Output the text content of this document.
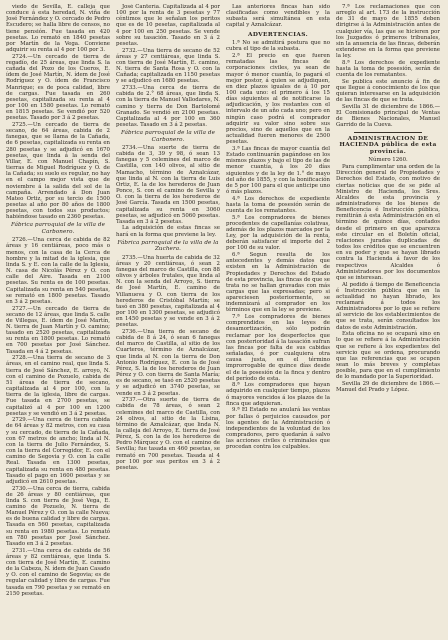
viedo de Sevilla, E. calleja que conduce á esta heredad, N. viña de José Fernández y O. cercado de Pedro Escudero; se halla libre de censos, no tiene pensión. Fue tasada en 420 pesetas. Lo remató en 1840 pesetas por Martín de la Vega. Conviene adquirir su renta al 4 por 100 por 3.

2724.—Un cercado de tierra de regadío, de 25 áreas, que linda S. la cañada del Pozo de los Cueros, E. ídem de José Martín, N. ídem de José Rodríguez y O. ídem de Francisco Manrique; es de poca calidad, libre de cargas. Fue tasada en 260 pesetas, capitalizada su renta al 4 por 100 en 1580 pesetas. Lo remató en 1815 pesetas. Se vendió por 520 pesetas. Tasado por 3 á 2 pesetas.

2725.—Un cercado de tierra de secano, de 64 áreas, cabida de 2 fanegas, que se llama de la Cañada, de 6 pesetas, capitalizada su renta en 280 pesetas y se adjudicó en 1670 pesetas, que linda á la senda del Villar, E. con Manuel Chapín, S. tierras de Miguel Rodríguez y O. de la Cañada; su suelo es regular, no hay en el campo mejor vista que de noviembre á la salida del sol de la campaña. Arrendado á Don Juan Mateo Ortiz, por su tercio de 1500 pesetas al año por 80 años de 1800 pesetas, con todos sus productos; habiéndose tasado en 2360 pesetas.

Fábrica parroquial de la villa de Carbonero.

2726.—Una cerca de cabida de 82 áreas y 16 centiáreas, poco más o menos, con la casa de la Cerca de hombre y la mitad de la iglesia, que linda S. y E. con la calle de la Iglesia, N. casa de Nicolás Pérez y O. con calle del Aire. Tasada en 2100 pesetas. Su renta es de 100 pesetas. Capitalizada su renta en 540 pesetas, se remató en 1800 pesetas. Tasado en 3 á 2 pesetas.

2727.—Un cercado de tierra de secano de 12 áreas, que linda S. calle de Villegas, E. ídem de José Martín, N. tierra de Juan Martín y O. camino; tasado en 2520 pesetas, capitalizada su renta en 1800 pesetas. Lo remató en 700 pesetas por José Sánchez. Tasada en 4 á 2 pesetas.

2728.—Una tierra de secano de 3 áreas, en el camino real, que linda S. tierra de José Sánchez, E. arroyo, N. con el camino de Pozuelo, cabida de 51 áreas de tierra de secano, capitalizada al 4 por 100, con la tierra de la iglesia, libre de cargas. Fue tasada en 2700 pesetas, se capitalizó al 4 por 100 en 1200 pesetas y se vendió en 3 á 2 pesetas.

2729.—Una cerca de tierra cabida de 64 áreas y 82 metros, con su casa y su cercado, de tierra de la Cañada, con 67 metros de ancho; linda al N. con la tierra de Julio Fernández, S. con la tierra del Corregidor, E. con el camino de Segovia y O. con la calle Real. Tasada en 1300 pesetas, capitalizada su renta en 480 pesetas. Tasado el pago en 1600 pesetas y se adjudicó en 2610 pesetas.

2730.—Una cerca de tierra, cabida de 26 áreas y 80 centiáreas, que linda S. con tierra de José Vega, E. camino de Pozuelo, N. tierra de Manuel Pérez y O. con la calle Nueva; es de buena calidad y libre de cargas. Tasada en 560 pesetas, capitalizada su renta en 1980 pesetas. Lo remató en 780 pesetas por José Sánchez. Tasado en 3 á 2 pesetas.

2731.—Una cerca de cabida de 56 áreas y 82 centiáreas, que linda S. con tierra de José Martín, E. camino de la Cabeza, N. ídem de Juan Casado y O. con el camino de Segovia; es de regular calidad y libre de cargas. Fue tasada en 790 pesetas y se remató en 2150 pesetas.

José Cantería. Capitalizada al 4 por 100 por la renta de 3 pesetas y 77 céntimos que le señalan los peritos que es de 10 pesetas, capitalizada al 4 por 100 en 250 pesetas. Se vende sobre su tasación. Tasado en 3 á 2 pesetas.

2732.—Una tierra de secano de 52 áreas y 27 centiáreas, que linda S. con tierra de José Martín, E. camino, N. tierra de Santa Rosa y O. con la Cañada; capitalizada en 1150 pesetas y se adjudicó en 1680 pesetas.

2733.—Una cerca de tierra de cabida de 2.° 68 áreas, que linda S. con la tierra de Manuel Vallodares, N. camino y tierra de Don Bartolomé Granado. Se vendió en 2100 pesetas. Capitalizada al 4 por 100 en 360 pesetas. Tasado en 3 á 2 pesetas.

Fábrica parroquial de la villa de Carbonero.

2734.—Una suerte de tierra de cabida de 3, 39 y 98, ó sean 13 fanegas y 5 celemines del marco de Castilla, con 140 olivos, al sitio de Mamacho, término de Aznalcázar, que linda al N. con la tierra de Luis Ortiz, E. la de los herederos de Juan Ponce, S. con el camino de Sevilla y O. con la tierra de los herederos de José García. Tasada en 1500 pesetas, capitalizada su renta en 3060 pesetas, se adjudicó en 5060 pesetas. Tasada en 3 á 2 pesetas.

La adquisición de estas fincas se hará en la forma que previene la ley.

Fábrica parroquial de la villa de la Zuchera.

2735.—Una huerta de cabida de 32 áreas y 20 centiáreas, ó sean 2 fanegas del marco de Castilla, con 88 olivos y árboles frutales, que linda al N. con la senda del Arroyo, S. tierra de José Martín, E. camino de Villanueva y O. con tierra de los herederos de Cristóbal Martín; se tasó en 380 pesetas, capitalizada al 4 por 100 en 1300 pesetas, se adjudicó en 1450 pesetas y se vende en 3 á 2 pesetas.

2736.—Una tierra de secano de cabida de 8 á 24, ó sean 6 fanegas del marco de Castilla, al sitio de los Cuarteros, término de Aznalcázar, que linda al N. con la tierra de Don Antonio Rodríguez, E. con la de José Pérez, S. la de los herederos de Juan Pérez y O. con tierra de Santa María; es de secano, se tasó en 2520 pesetas y se adjudicó en 3740 pesetas, se vende en 3 á 2 pesetas.

2737.—Otra suerte de tierra de cabida de 78 áreas, ó sean 2 celemines del marco de Castilla, con 24 olivos, al sitio de la Lísina, término de Aznalcázar, que linda N. la calleja del Arroyo, E. tierra de José Pérez, S. con la de los herederos de Pedro Márquez y O. con el camino de Sevilla; fue tasada en 460 pesetas, se remató en 700 pesetas. Tasada al 4 por 100 por sus peritos en 3 á 2 pesetas.

Las anteriores fincas han sido clasificadas como vendibles y la subasta será simultánea en esta capital y Aznalcázar.

ADVERTENCIAS.

1.ª No se admitirá postura que no cubra el tipo de la subasta.

2.ª El precio en que fueren rematadas las fincas de corporaciones civiles, ya sean de mayor ó menor cuantía, lo pagará el mejor postor, á quien se adjudiquen, en diez plazos iguales de á 10 por 100 cada uno: el primero á los 15 días siguientes al de notificarse la adjudicación, y los restantes con el intervalo de un año cada uno; pero en ningún caso podrá el comprador adquirir su valor sino sobre sus precios, sino de aquellos que en la actualidad fueren menores de 2500 pesetas.

3.ª Las fincas de mayor cuantía del Estado continuarán pagándose en los mismos plazos y bajo el tipo de las de menor cuantía, á los 20 días siguientes y de la ley de 1.° de mayo del año de 1855, y con la bonificación de 5 por 100 para el que anticipe uno ó más plazos.

4.ª Los derechos de expediente hasta la toma de posesión serán de cuenta de los rematantes.

5.ª Los compradores de bienes procedentes de capellanías colativas, además de los plazos marcados por la Ley, por la adquisición de la renta, deberán satisfacer el importe del 2 por 100 de su valor.

6.ª Segun resulta de los antecedentes y demás datos que existen en la Administración de Propiedades y Derechos del Estado de esta provincia, las fincas de que se trata no se hallan gravadas con más cargas que las expresadas; pero si apareciesen posteriormente, se indemnizará al comprador en los términos que en la ley se previene.

7.ª Los compradores de bienes comprendidos en las leyes de desamortización, sólo podrán reclamar por los desperfectos que con posterioridad á la tasación sufran las fincas por falta de sus cabidas señaladas, ó por cualquiera otra causa justa, en el término improrrogable de quince días desde el de la posesión de la finca y dentro del período de esta.

8.ª Los compradores que hayan adquirido en cualquier tiempo, plazos ó mayores vencidos á los plazos de la finca que adquieran.

9.ª El Estado no anulará las ventas por fallas ó perjuicios causados por los agentes de la Administración ó independientes de la voluntad de los compradores, pero quedarán á salvo las acciones civiles ó criminales que procedan contra los culpables.

7.ª Los reclamaciones que con arreglo al art. 173 de la instrucción de 31 de mayo de 1855 deben dirigirse á la Administración antes de cualquier vía, las que se hicieren por los Juzgados ó primeros tribunales, sin la anuencia de las fincas, deberán extenderse en la forma que previene la ley.

8.ª Los derechos de expediente hasta la toma de posesión, serán de cuenta de los rematantes.

Se publica este anuncio á fin de que llegue á conocimiento de los que quieran interesarse en la adquisición de las fincas de que se trata.

Sevilla 31 de diciembre de 1866.—El Comisionado principal de Ventas de Bienes Nacionales, Manuel Garrido de la Cueva.

ADMINISTRACION DE HACIENDA pública de esta provincia.

Número 1260.

Para cumplimentar una orden de la Dirección general de Propiedades y Derechos del Estado, con motivo de ciertas noticias que de se pide al Ministro de Hacienda, los Sres. Alcaldes de esta provincia y administradores de los bienes de Beneficencia é Instrucción pública, remitirán á esta Administración en el término de quince días, contados desde el primero en que aparezca este circular en el Boletín oficial, relaciones juradas duplicadas de todos los créditos que se encuentren en su poder y que se hayan librado contra la Hacienda á favor de los respectivos Alcaldes ó Administradores por los documentos que se interesan.

Al pedido á tiempo de Beneficencia é Instrucción pública que en la actualidad no hayan librado, les reclamará á todos los Administradores por lo que se refiere al servicio de los establecimientos de que se trata, serán consultados los datos de este Administración.

Esta oficina no se ocupará sino en lo que se refiere á la Administración que se refiere á los expedientes del servicio que se ordena, procurando que las referencias que se ocupen sean lo más breves y completas posible, para que en el cumplimiento de lo mandado por la Superioridad.

Sevilla 29 de diciembre de 1866.—Manuel del Prado y López.
